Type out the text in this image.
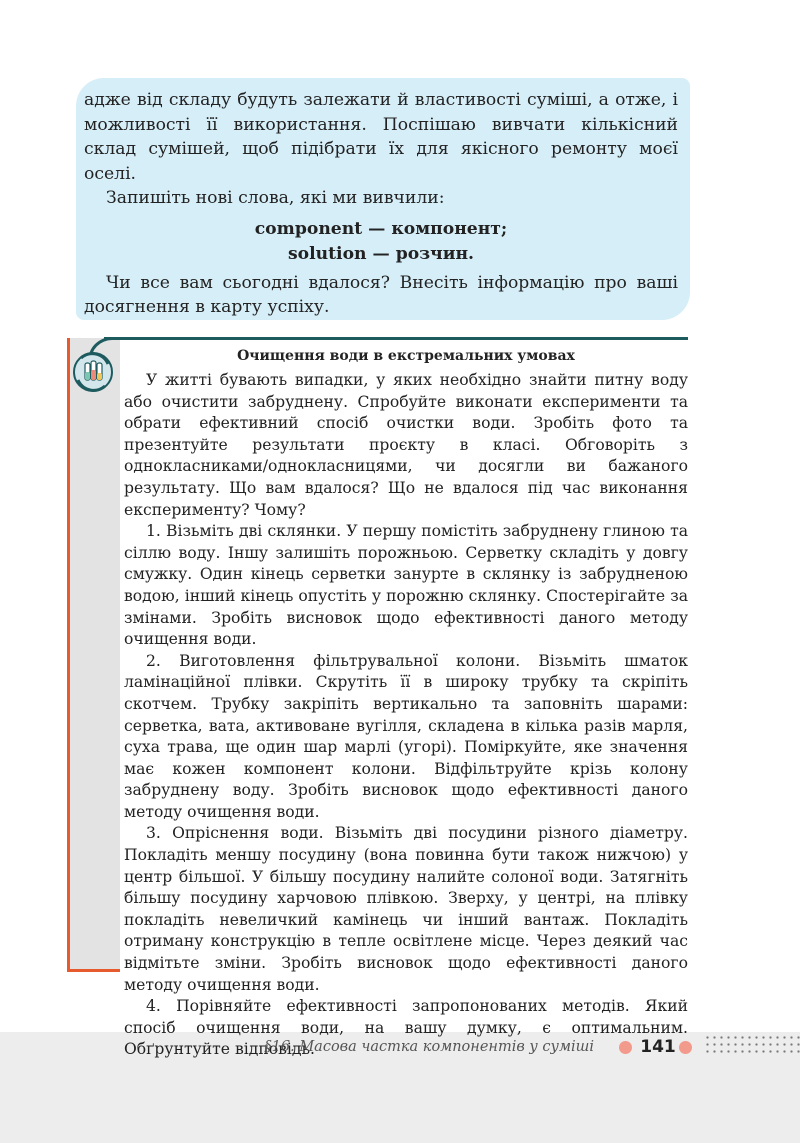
адже від складу будуть залежати й властивості суміші, а отже, і можливості її використання. Поспішаю вивчати кількісний склад сумішей, щоб підібрати їх для якісного ремонту моєї оселі.

Запишіть нові слова, які ми вивчили:

component — компонент;
solution — розчин.

Чи все вам сьогодні вдалося? Внесіть інформацію про ваші досягнення в карту успіху.

Очищення води в екстремальних умовах

У житті бувають випадки, у яких необхідно знайти питну воду або очистити забруднену. Спробуйте виконати експерименти та обрати ефективний спосіб очистки води. Зробіть фото та презентуйте результати проєкту в класі. Обговоріть з однокласниками/однокласницями, чи досягли ви бажаного результату. Що вам вдалося? Що не вдалося під час виконання експерименту? Чому?

1. Візьміть дві склянки. У першу помістіть забруднену глиною та сіллю воду. Іншу залишіть порожньою. Серветку складіть у довгу смужку. Один кінець серветки занурте в склянку із забрудненою водою, інший кінець опустіть у порожню склянку. Спостерігайте за змінами. Зробіть висновок щодо ефективності даного методу очищення води.

2. Виготовлення фільтрувальної колони. Візьміть шматок ламінаційної плівки. Скрутіть її в широку трубку та скріпіть скотчем. Трубку закріпіть вертикально та заповніть шарами: серветка, вата, активоване вугілля, складена в кілька разів марля, суха трава, ще один шар марлі (угорі). Поміркуйте, яке значення має кожен компонент колони. Відфільтруйте крізь колону забруднену воду. Зробіть висновок щодо ефективності даного методу очищення води.

3. Опріснення води. Візьміть дві посудини різного діаметру. Покладіть меншу посудину (вона повинна бути також нижчою) у центр більшої. У більшу посудину налийте солоної води. Затягніть більшу посудину харчовою плівкою. Зверху, у центрі, на плівку покладіть невеличкий камінець чи інший вантаж. Покладіть отриману конструкцію в тепле освітлене місце. Через деякий час відмітьте зміни. Зробіть висновок щодо ефективності даного методу очищення води.

4. Порівняйте ефективності запропонованих методів. Який спосіб очищення води, на вашу думку, є оптимальним. Обґрунтуйте відповідь.

§16. Масова частка компонентів у суміші	141
